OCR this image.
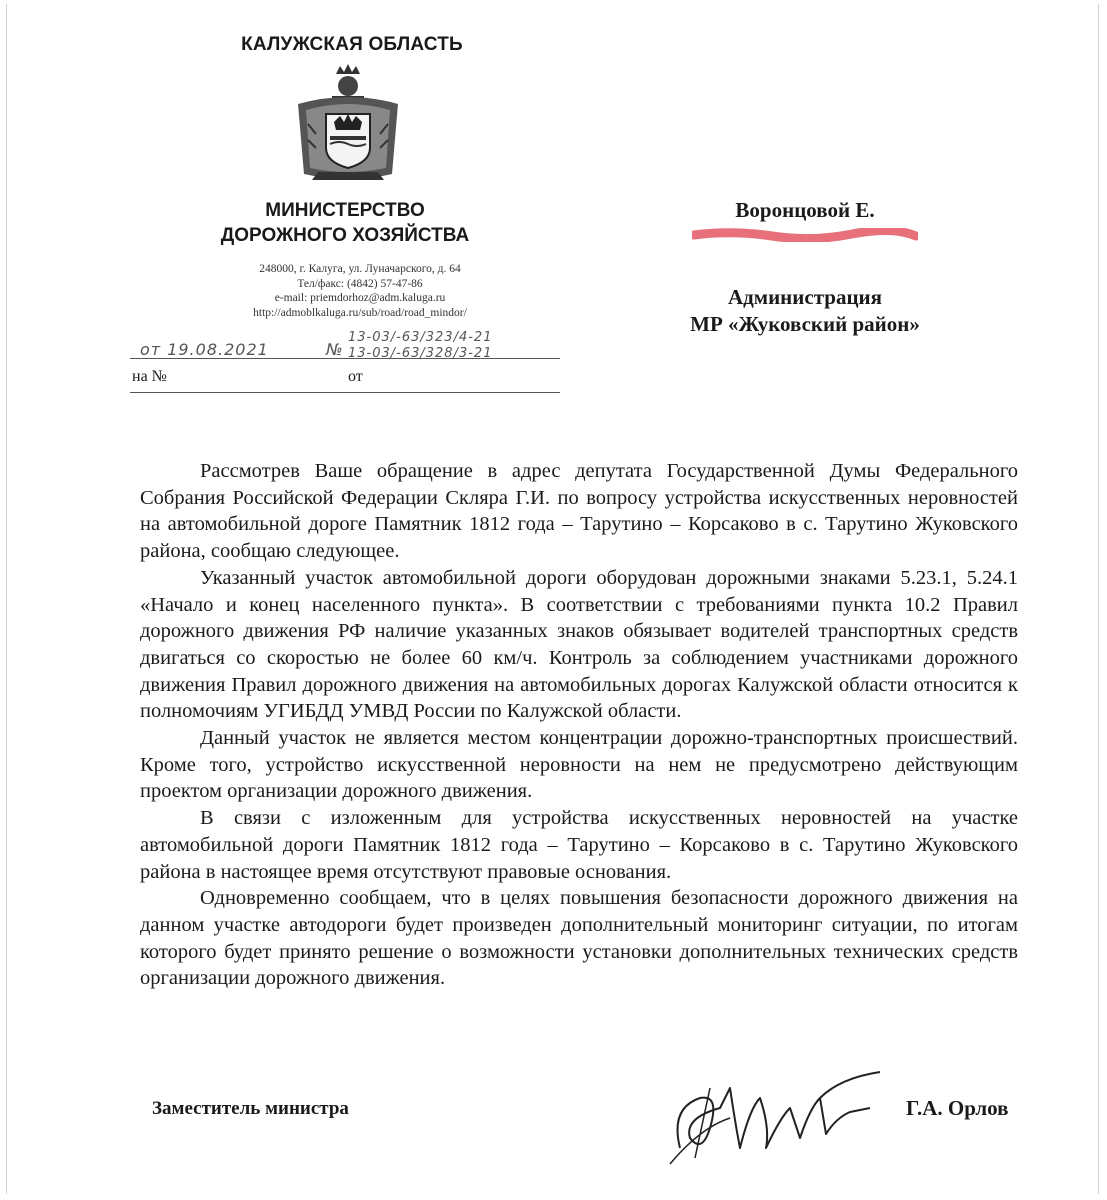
КАЛУЖСКАЯ ОБЛАСТЬ
МИНИСТЕРСТВО
ДОРОЖНОГО ХОЗЯЙСТВА
248000, г. Калуга, ул. Луначарского, д. 64
Тел/факс: (4842) 57-47-86
e-mail: priemdorhoz@adm.kaluga.ru
http://admoblkaluga.ru/sub/road/road_mindor/
от 19.08.2021	№
13-03/-63/323/4-21
13-03/-63/328/3-21
на №	от
Воронцовой Е.
Администрация
МР «Жуковский район»

Рассмотрев Ваше обращение в адрес депутата Государственной Думы Федерального Собрания Российской Федерации Скляра Г.И. по вопросу устройства искусственных неровностей на автомобильной дороге Памятник 1812 года – Тарутино – Корсаково в с. Тарутино Жуковского района, сообщаю следующее.

Указанный участок автомобильной дороги оборудован дорожными знаками 5.23.1, 5.24.1 «Начало и конец населенного пункта». В соответствии с требованиями пункта 10.2 Правил дорожного движения РФ наличие указанных знаков обязывает водителей транспортных средств двигаться со скоростью не более 60 км/ч. Контроль за соблюдением участниками дорожного движения Правил дорожного движения на автомобильных дорогах Калужской области относится к полномочиям УГИБДД УМВД России по Калужской области.

Данный участок не является местом концентрации дорожно-транспортных происшествий. Кроме того, устройство искусственной неровности на нем не предусмотрено действующим проектом организации дорожного движения.

В связи с изложенным для устройства искусственных неровностей на участке автомобильной дороги Памятник 1812 года – Тарутино – Корсаково в с. Тарутино Жуковского района в настоящее время отсутствуют правовые основания.

Одновременно сообщаем, что в целях повышения безопасности дорожного движения на данном участке автодороги будет произведен дополнительный мониторинг ситуации, по итогам которого будет принято решение о возможности установки дополнительных технических средств организации дорожного движения.

Заместитель министра	Г.А. Орлов
